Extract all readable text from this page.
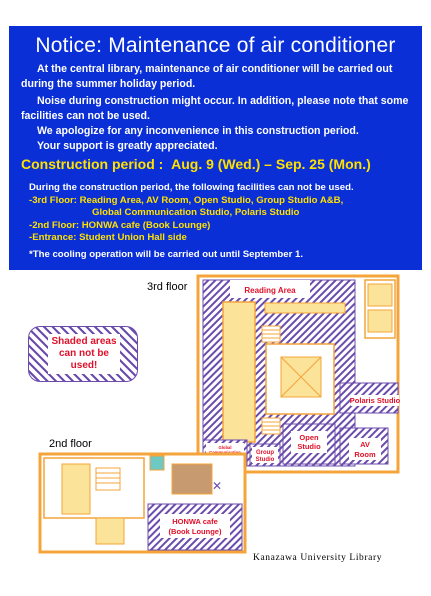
Notice: Maintenance of air conditioner

At the central library, maintenance of air conditioner will be carried out during the summer holiday period.

Noise during construction might occur. In addition, please note that some facilities can not be used.

We apologize for any inconvenience in this construction period.

Your support is greatly appreciated.

Construction period :  Aug. 9 (Wed.) – Sep. 25 (Mon.)
During the construction period, the following facilities can not be used.
-3rd Floor: Reading Area, AV Room, Open Studio, Group Studio A&B,
Global Communication Studio, Polaris Studio
-2nd Floor: HONWA cafe (Book Lounge)
-Entrance: Student Union Hall side
*The cooling operation will be carried out until September 1.
3rd floor
2nd floor
Shaded areas can not be used!
Reading Area
Polaris Studio
Open
Studio	AV
Room
Group
Studio
Global
✕
HONWA cafe
(Book Lounge)
Kanazawa University Library
